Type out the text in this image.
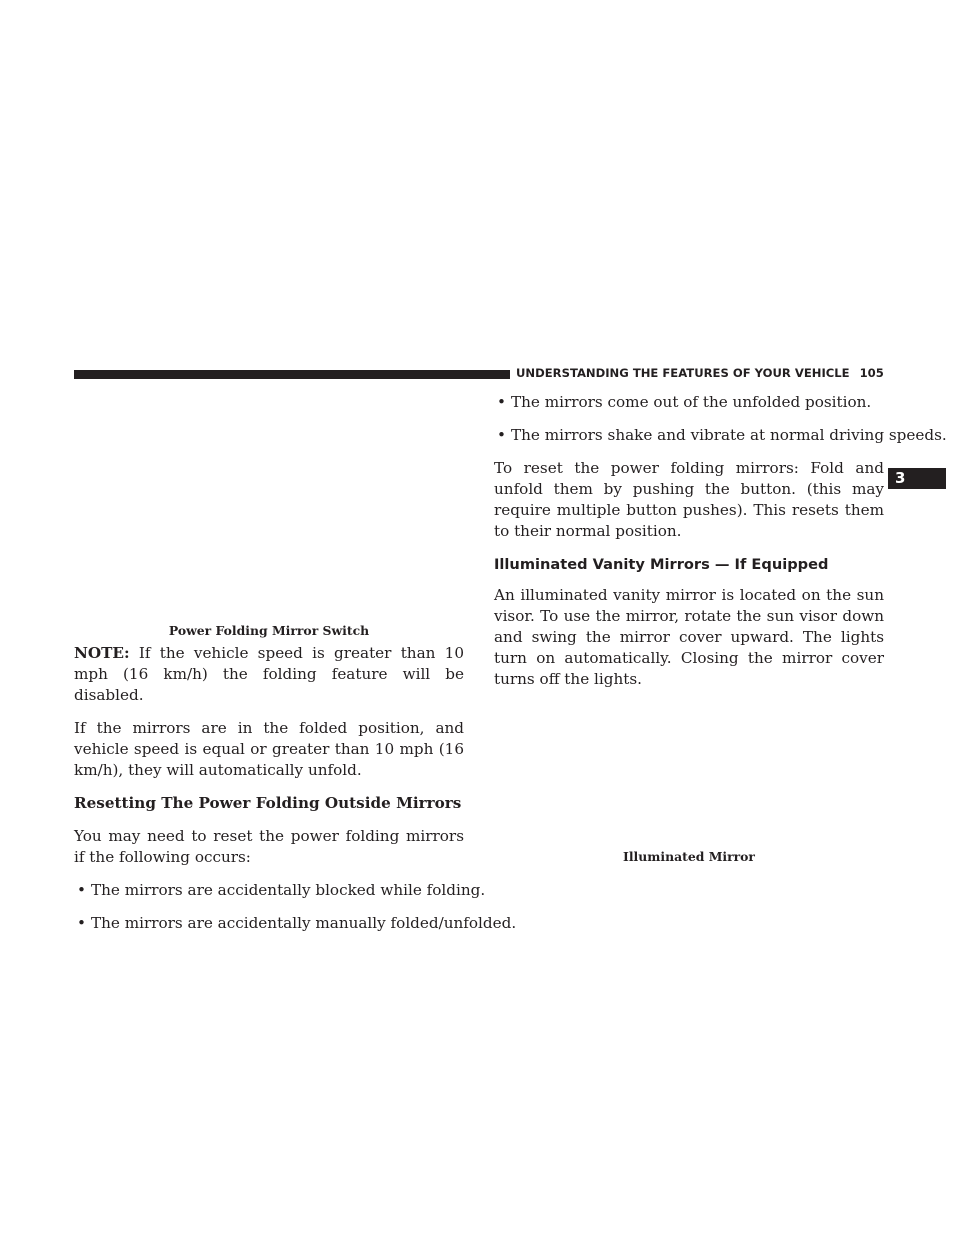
UNDERSTANDING THE FEATURES OF YOUR VEHICLE 105
3
Power Folding Mirror Switch

NOTE: If the vehicle speed is greater than 10 mph (16 km/h) the folding feature will be disabled.

If the mirrors are in the folded position, and vehicle speed is equal or greater than 10 mph (16 km/h), they will automatically unfold.

Resetting The Power Folding Outside Mirrors

You may need to reset the power folding mirrors if the following occurs:

• The mirrors are accidentally blocked while folding.
• The mirrors are accidentally manually folded/unfolded.
• The mirrors come out of the unfolded position.
• The mirrors shake and vibrate at normal driving speeds.

To reset the power folding mirrors: Fold and unfold them by pushing the button. (this may require multiple button pushes). This resets them to their normal position.

Illuminated Vanity Mirrors — If Equipped

An illuminated vanity mirror is located on the sun visor. To use the mirror, rotate the sun visor down and swing the mirror cover upward. The lights turn on automatically. Closing the mirror cover turns off the lights.

Illuminated Mirror
